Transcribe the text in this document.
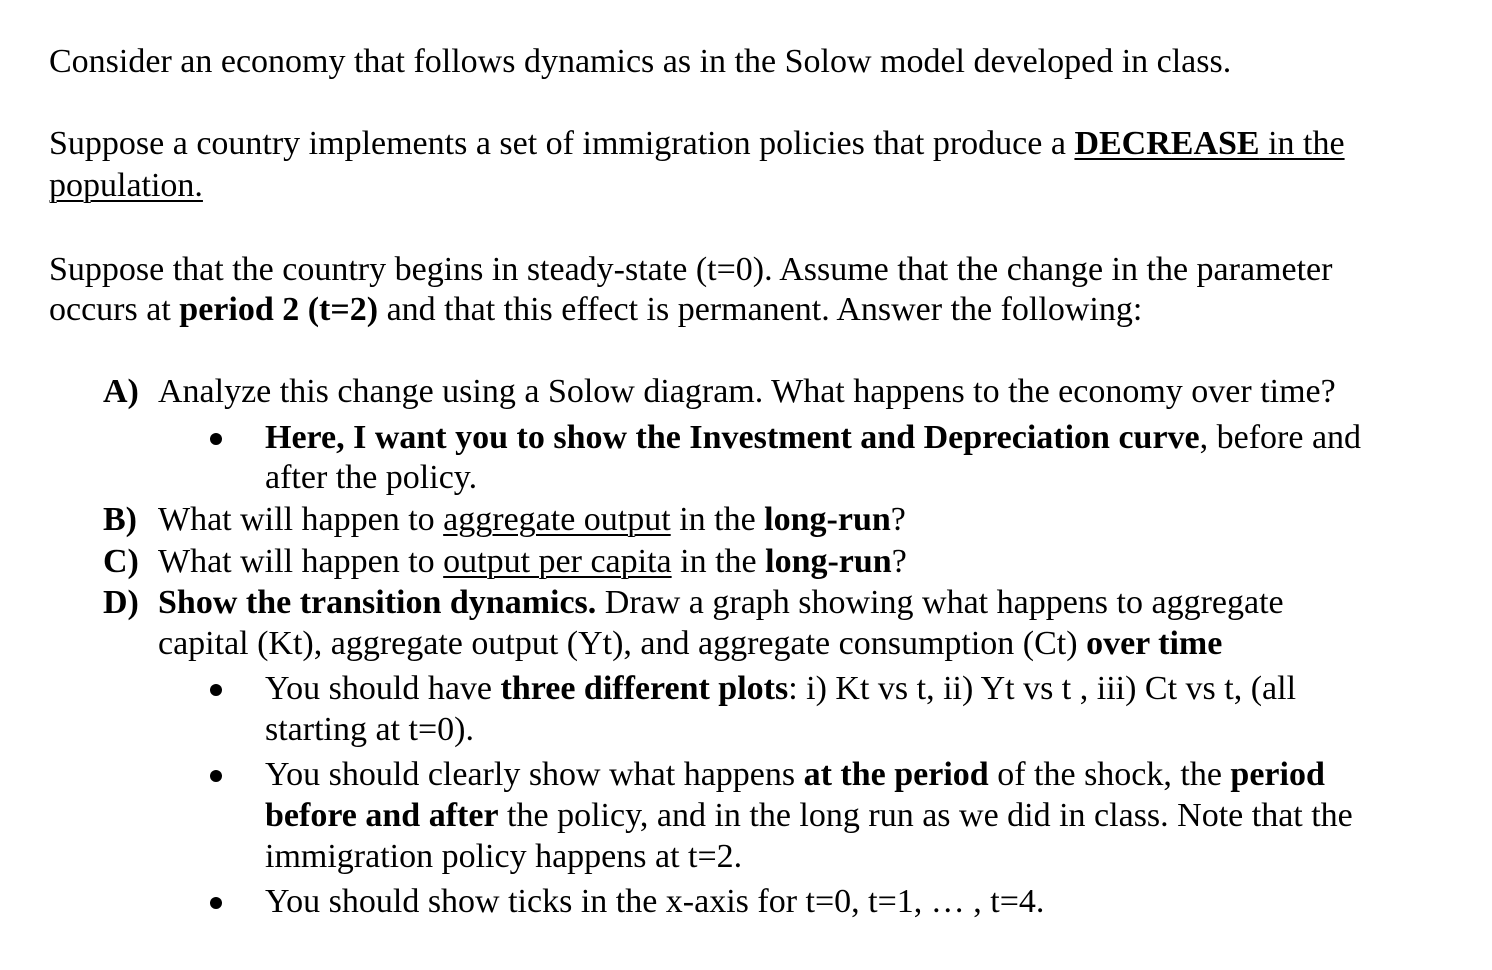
Consider an economy that follows dynamics as in the Solow model developed in class.
Suppose a country implements a set of immigration policies that produce a DECREASE in the
population.
Suppose that the country begins in steady-state (t=0). Assume that the change in the parameter
occurs at period 2 (t=2) and that this effect is permanent. Answer the following:
A) Analyze this change using a Solow diagram. What happens to the economy over time?
Here, I want you to show the Investment and Depreciation curve, before and
after the policy.
B) What will happen to aggregate output in the long-run?
C) What will happen to output per capita in the long-run?
D) Show the transition dynamics. Draw a graph showing what happens to aggregate
capital (Kt), aggregate output (Yt), and aggregate consumption (Ct) over time
You should have three different plots: i) Kt vs t, ii) Yt vs t , iii) Ct vs t, (all
starting at t=0).
You should clearly show what happens at the period of the shock, the period
before and after the policy, and in the long run as we did in class. Note that the
immigration policy happens at t=2.
You should show ticks in the x-axis for t=0, t=1, … , t=4.
